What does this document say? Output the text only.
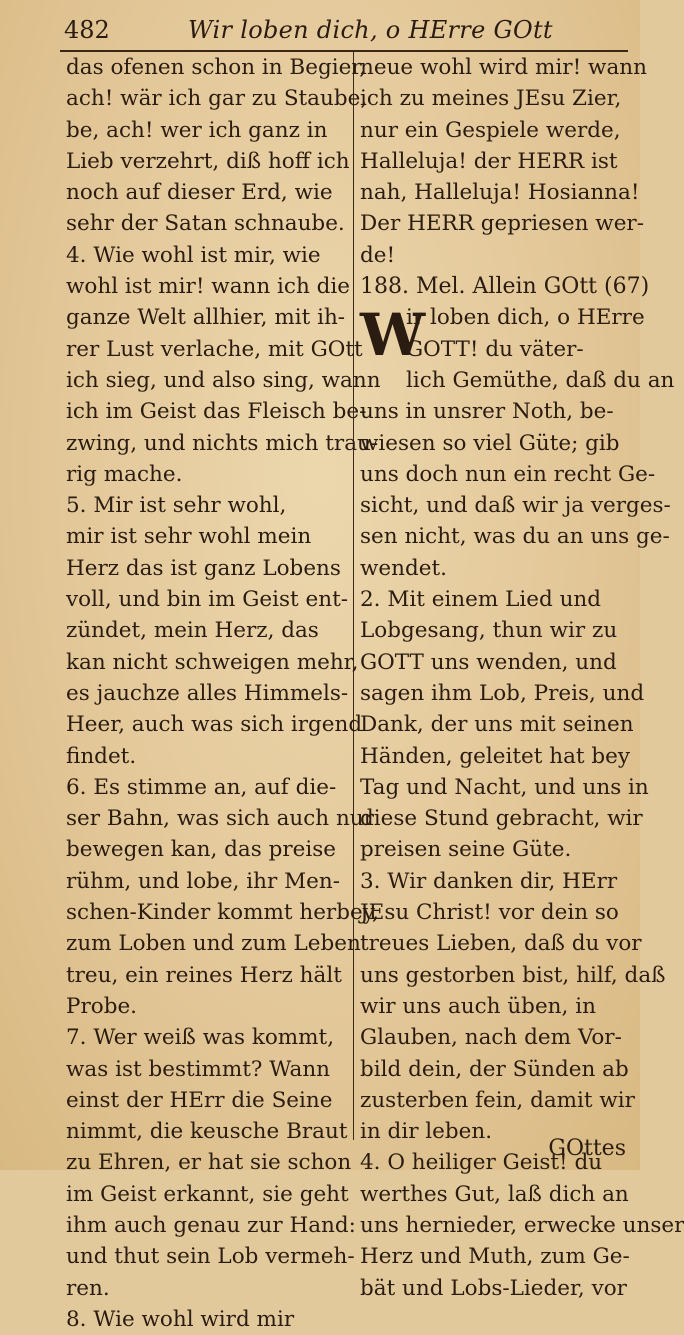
482	Wir loben dich, o HErre GOtt
das ofenen schon in Begier,
ach! wär ich gar zu Staube,
be, ach! wer ich ganz in
Lieb verzehrt, diß hoff ich
noch auf dieser Erd, wie
sehr der Satan schnaube.
4. Wie wohl ist mir, wie
wohl ist mir! wann ich die
ganze Welt allhier, mit ih-
rer Lust verlache, mit GOtt
ich sieg, und also sing, wann
ich im Geist das Fleisch be-
zwing, und nichts mich trau-
rig mache.
5. Mir ist sehr wohl,
mir ist sehr wohl mein
Herz das ist ganz Lobens
voll, und bin im Geist ent-
zündet, mein Herz, das
kan nicht schweigen mehr,
es jauchze alles Himmels-
Heer, auch was sich irgend
findet.
6. Es stimme an, auf die-
ser Bahn, was sich auch nur
bewegen kan, das preise
rühm, und lobe, ihr Men-
schen-Kinder kommt herbey,
zum Loben und zum Leben
treu, ein reines Herz hält
Probe.
7. Wer weiß was kommt,
was ist bestimmt? Wann
einst der HErr die Seine
nimmt, die keusche Braut
zu Ehren, er hat sie schon
im Geist erkannt, sie geht
ihm auch genau zur Hand:
und thut sein Lob vermeh-
ren.
8. Wie wohl wird mir
neue wohl wird mir! wann
ich zu meines JEsu Zier,
nur ein Gespiele werde,
Halleluja! der HERR ist
nah, Halleluja! Hosianna!
Der HERR gepriesen wer-
de!
188. Mel. Allein GOtt (67)
W
ir loben dich, o HErre
GOTT! du väter-
lich Gemüthe, daß du an
uns in unsrer Noth, be-
wiesen so viel Güte; gib
uns doch nun ein recht Ge-
sicht, und daß wir ja verges-
sen nicht, was du an uns ge-
wendet.
2. Mit einem Lied und
Lobgesang, thun wir zu
GOTT uns wenden, und
sagen ihm Lob, Preis, und
Dank, der uns mit seinen
Händen, geleitet hat bey
Tag und Nacht, und uns in
diese Stund gebracht, wir
preisen seine Güte.
3. Wir danken dir, HErr
JEsu Christ! vor dein so
treues Lieben, daß du vor
uns gestorben bist, hilf, daß
wir uns auch üben, in
Glauben, nach dem Vor-
bild dein, der Sünden ab
zusterben fein, damit wir
in dir leben.
4. O heiliger Geist! du
werthes Gut, laß dich an
uns hernieder, erwecke unser
Herz und Muth, zum Ge-
bät und Lobs-Lieder, vor
GOttes
